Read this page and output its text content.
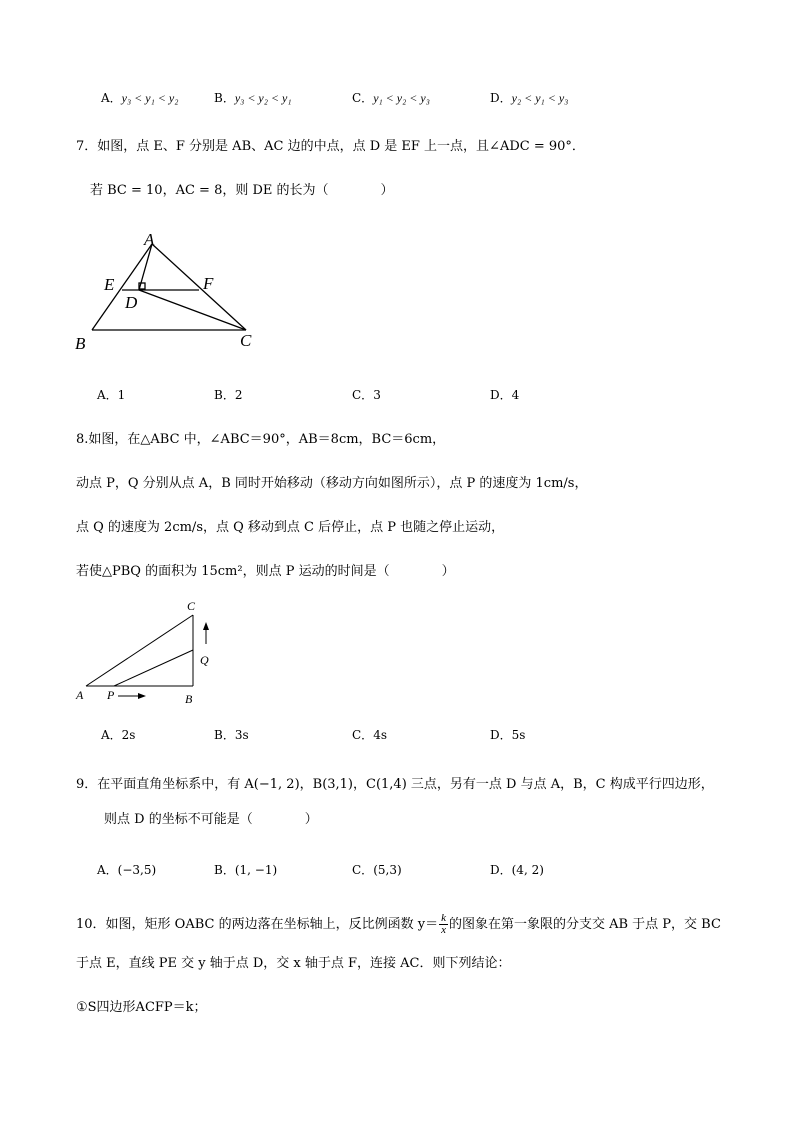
A．y₃ < y₁ < y₂	B．y₃ < y₂ < y₁	C．y₁ < y₂ < y₃	D．y₂ < y₁ < y₃
7．如图，点 E、F 分别是 AB、AC 边的中点，点 D 是 EF 上一点，且∠ADC = 90°．
若 BC = 10，AC = 8，则 DE 的长为（　　　　）
A
E	F
D
B	C
A．1	B．2	C．3	D．4
8.如图，在△ABC 中，∠ABC＝90°，AB＝8cm，BC＝6cm，
动点 P，Q 分别从点 A，B 同时开始移动（移动方向如图所示），点 P 的速度为 1cm/s，
点 Q 的速度为 2cm/s，点 Q 移动到点 C 后停止，点 P 也随之停止运动，
若使△PBQ 的面积为 15cm²，则点 P 运动的时间是（　　　　）
C
Q
A P	B
A．2s	B．3s	C．4s	D．5s
9．在平面直角坐标系中，有 A(−1, 2)，B(3,1)，C(1,4) 三点，另有一点 D 与点 A，B，C 构成平行四边形，
则点 D 的坐标不可能是（　　　　）
A．(−3,5)	B．(1, −1)	C．(5,3)	D．(4, 2)
10．如图，矩形 OABC 的两边落在坐标轴上，反比例函数 $y= \frac{k}{x}$ 的图象在第一象限的分支交 AB 于点 P，交 BC
于点 E，直线 PE 交 y 轴于点 D，交 x 轴于点 F，连接 AC．则下列结论：
①S四边形ACFP＝k；
